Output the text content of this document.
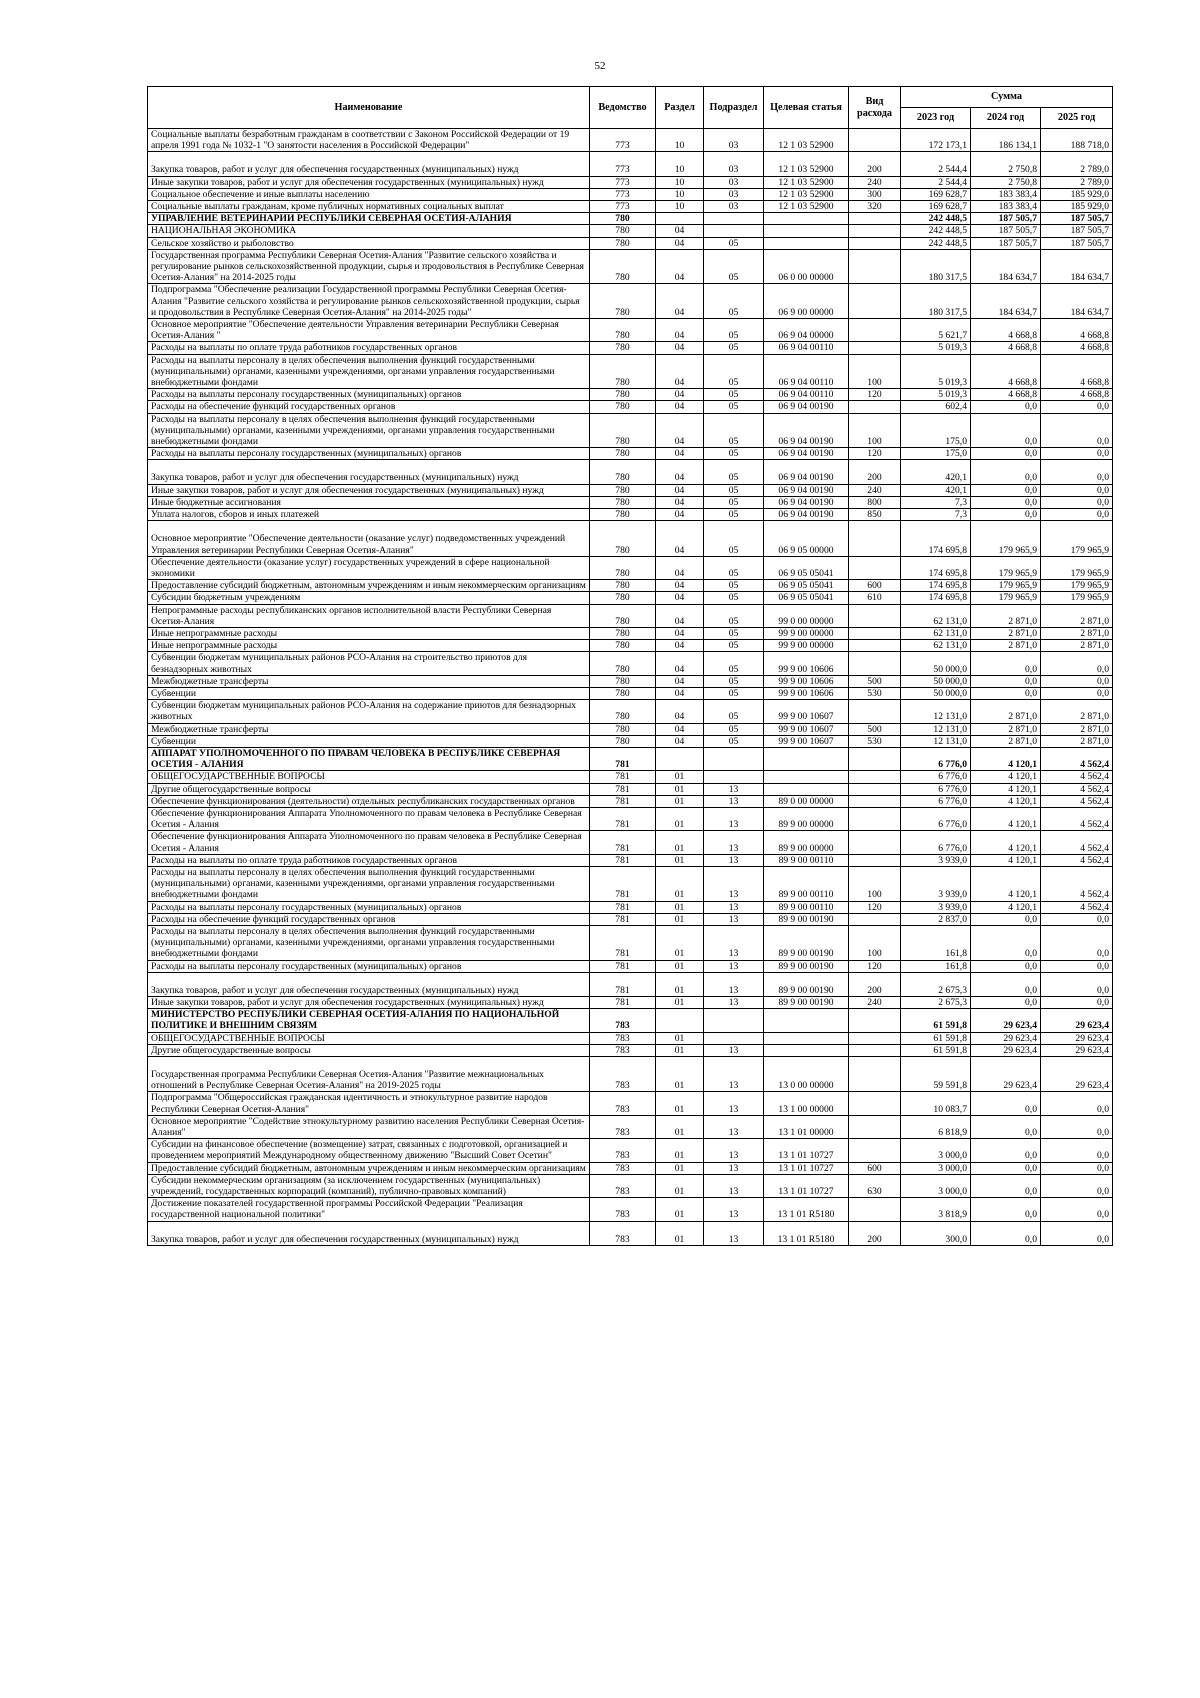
52
Наименование	Ведомство	Раздел	Подраздел	Целевая статья	Вид расхода	Сумма		
						2023 год	2024 год	2025 год
Социальные выплаты безработным гражданам в соответствии с Законом Российской Федерации от 19 апреля 1991 года № 1032-1 "О занятости населения в Российской Федерации"	773	10	03	12 1 03 52900		172 173,1	186 134,1	188 718,0
Закупка товаров, работ и услуг для обеспечения государственных (муниципальных) нужд	773	10	03	12 1 03 52900	200	2 544,4	2 750,8	2 789,0
Иные закупки товаров, работ и услуг для обеспечения государственных (муниципальных) нужд	773	10	03	12 1 03 52900	240	2 544,4	2 750,8	2 789,0
Социальное обеспечение и иные выплаты населению	773	10	03	12 1 03 52900	300	169 628,7	183 383,4	185 929,0
Социальные выплаты гражданам, кроме публичных нормативных социальных выплат	773	10	03	12 1 03 52900	320	169 628,7	183 383,4	185 929,0
УПРАВЛЕНИЕ ВЕТЕРИНАРИИ РЕСПУБЛИКИ СЕВЕРНАЯ ОСЕТИЯ-АЛАНИЯ	780					242 448,5	187 505,7	187 505,7
НАЦИОНАЛЬНАЯ ЭКОНОМИКА	780	04				242 448,5	187 505,7	187 505,7
Сельское хозяйство и рыболовство	780	04	05			242 448,5	187 505,7	187 505,7
Государственная программа Республики Северная Осетия-Алания "Развитие сельского хозяйства и регулирование рынков сельскохозяйственной продукции, сырья и продовольствия в Республике Северная Осетия-Алания" на 2014-2025 годы	780	04	05	06 0 00 00000		180 317,5	184 634,7	184 634,7
Подпрограмма "Обеспечение реализации Государственной программы Республики Северная Осетия-Алания "Развитие сельского хозяйства и регулирование рынков сельскохозяйственной продукции, сырья и продовольствия в Республике Северная Осетия-Алания" на 2014-2025 годы"	780	04	05	06 9 00 00000		180 317,5	184 634,7	184 634,7
Основное мероприятие "Обеспечение деятельности Управления ветеринарии Республики Северная Осетия-Алания "	780	04	05	06 9 04 00000		5 621,7	4 668,8	4 668,8
Расходы на выплаты по оплате труда работников государственных органов	780	04	05	06 9 04 00110		5 019,3	4 668,8	4 668,8
Расходы на выплаты персоналу в целях обеспечения выполнения функций государственными (муниципальными) органами, казенными учреждениями, органами управления государственными внебюджетными фондами	780	04	05	06 9 04 00110	100	5 019,3	4 668,8	4 668,8
Расходы на выплаты персоналу государственных (муниципальных) органов	780	04	05	06 9 04 00110	120	5 019,3	4 668,8	4 668,8
Расходы на обеспечение функций государственных органов	780	04	05	06 9 04 00190		602,4	0,0	0,0
Расходы на выплаты персоналу в целях обеспечения выполнения функций государственными (муниципальными) органами, казенными учреждениями, органами управления государственными внебюджетными фондами	780	04	05	06 9 04 00190	100	175,0	0,0	0,0
Расходы на выплаты персоналу государственных (муниципальных) органов	780	04	05	06 9 04 00190	120	175,0	0,0	0,0
Закупка товаров, работ и услуг для обеспечения государственных (муниципальных) нужд	780	04	05	06 9 04 00190	200	420,1	0,0	0,0
Иные закупки товаров, работ и услуг для обеспечения государственных (муниципальных) нужд	780	04	05	06 9 04 00190	240	420,1	0,0	0,0
Иные бюджетные ассигнования	780	04	05	06 9 04 00190	800	7,3	0,0	0,0
Уплата налогов, сборов и иных платежей	780	04	05	06 9 04 00190	850	7,3	0,0	0,0
Основное мероприятие "Обеспечение деятельности (оказание услуг) подведомственных учреждений Управления ветеринарии Республики Северная Осетия-Алания"	780	04	05	06 9 05 00000		174 695,8	179 965,9	179 965,9
Обеспечение деятельности (оказание услуг) государственных учреждений в сфере национальной экономики	780	04	05	06 9 05 05041		174 695,8	179 965,9	179 965,9
Предоставление субсидий бюджетным, автономным учреждениям и иным некоммерческим организациям	780	04	05	06 9 05 05041	600	174 695,8	179 965,9	179 965,9
Субсидии бюджетным учреждениям	780	04	05	06 9 05 05041	610	174 695,8	179 965,9	179 965,9
Непрограммные расходы республиканских органов исполнительной власти Республики Северная Осетия-Алания	780	04	05	99 0 00 00000		62 131,0	2 871,0	2 871,0
Иные непрограммные расходы	780	04	05	99 9 00 00000		62 131,0	2 871,0	2 871,0
Иные непрограммные расходы	780	04	05	99 9 00 00000		62 131,0	2 871,0	2 871,0
Субвенции бюджетам муниципальных районов РСО-Алания на строительство приютов для безнадзорных животных	780	04	05	99 9 00 10606		50 000,0	0,0	0,0
Межбюджетные трансферты	780	04	05	99 9 00 10606	500	50 000,0	0,0	0,0
Субвенции	780	04	05	99 9 00 10606	530	50 000,0	0,0	0,0
Субвенции бюджетам муниципальных районов РСО-Алания на содержание приютов для безнадзорных животных	780	04	05	99 9 00 10607		12 131,0	2 871,0	2 871,0
Межбюджетные трансферты	780	04	05	99 9 00 10607	500	12 131,0	2 871,0	2 871,0
Субвенции	780	04	05	99 9 00 10607	530	12 131,0	2 871,0	2 871,0
АППАРАТ УПОЛНОМОЧЕННОГО ПО ПРАВАМ ЧЕЛОВЕКА В РЕСПУБЛИКЕ СЕВЕРНАЯ ОСЕТИЯ - АЛАНИЯ	781					6 776,0	4 120,1	4 562,4
ОБЩЕГОСУДАРСТВЕННЫЕ ВОПРОСЫ	781	01				6 776,0	4 120,1	4 562,4
Другие общегосударственные вопросы	781	01	13			6 776,0	4 120,1	4 562,4
Обеспечение функционирования (деятельности) отдельных республиканских государственных органов	781	01	13	89 0 00 00000		6 776,0	4 120,1	4 562,4
Обеспечение функционирования Аппарата Уполномоченного по правам человека в Республике Северная Осетия - Алания	781	01	13	89 9 00 00000		6 776,0	4 120,1	4 562,4
Обеспечение функционирования Аппарата Уполномоченного по правам человека в Республике Северная Осетия - Алания	781	01	13	89 9 00 00000		6 776,0	4 120,1	4 562,4
Расходы на выплаты по оплате труда работников государственных органов	781	01	13	89 9 00 00110		3 939,0	4 120,1	4 562,4
Расходы на выплаты персоналу в целях обеспечения выполнения функций государственными (муниципальными) органами, казенными учреждениями, органами управления государственными внебюджетными фондами	781	01	13	89 9 00 00110	100	3 939,0	4 120,1	4 562,4
Расходы на выплаты персоналу государственных (муниципальных) органов	781	01	13	89 9 00 00110	120	3 939,0	4 120,1	4 562,4
Расходы на обеспечение функций государственных органов	781	01	13	89 9 00 00190		2 837,0	0,0	0,0
Расходы на выплаты персоналу в целях обеспечения выполнения функций государственными (муниципальными) органами, казенными учреждениями, органами управления государственными внебюджетными фондами	781	01	13	89 9 00 00190	100	161,8	0,0	0,0
Расходы на выплаты персоналу государственных (муниципальных) органов	781	01	13	89 9 00 00190	120	161,8	0,0	0,0
Закупка товаров, работ и услуг для обеспечения государственных (муниципальных) нужд	781	01	13	89 9 00 00190	200	2 675,3	0,0	0,0
Иные закупки товаров, работ и услуг для обеспечения государственных (муниципальных) нужд	781	01	13	89 9 00 00190	240	2 675,3	0,0	0,0
МИНИСТЕРСТВО РЕСПУБЛИКИ СЕВЕРНАЯ ОСЕТИЯ-АЛАНИЯ ПО НАЦИОНАЛЬНОЙ ПОЛИТИКЕ И ВНЕШНИМ СВЯЗЯМ	783					61 591,8	29 623,4	29 623,4
ОБЩЕГОСУДАРСТВЕННЫЕ ВОПРОСЫ	783	01				61 591,8	29 623,4	29 623,4
Другие общегосударственные вопросы	783	01	13			61 591,8	29 623,4	29 623,4
Государственная программа Республики Северная Осетия-Алания "Развитие межнациональных отношений в Республике Северная Осетия-Алания" на 2019-2025 годы	783	01	13	13 0 00 00000		59 591,8	29 623,4	29 623,4
Подпрограмма "Общероссийская гражданская идентичность и этнокультурное развитие народов Республики Северная Осетия-Алания"	783	01	13	13 1 00 00000		10 083,7	0,0	0,0
Основное мероприятие "Содействие этнокультурному развитию населения Республики Северная Осетия-Алания"	783	01	13	13 1 01 00000		6 818,9	0,0	0,0
Субсидии на финансовое обеспечение (возмещение) затрат, связанных с подготовкой, организацией и проведением мероприятий Международному общественному движению "Высший Совет Осетин"	783	01	13	13 1 01 10727		3 000,0	0,0	0,0
Предоставление субсидий бюджетным, автономным учреждениям и иным некоммерческим организациям	783	01	13	13 1 01 10727	600	3 000,0	0,0	0,0
Субсидии некоммерческим организациям (за исключением государственных (муниципальных) учреждений, государственных корпораций (компаний), публично-правовых компаний)	783	01	13	13 1 01 10727	630	3 000,0	0,0	0,0
Достижение показателей государственной программы Российской Федерации "Реализация государственной национальной политики"	783	01	13	13 1 01 R5180		3 818,9	0,0	0,0
Закупка товаров, работ и услуг для обеспечения государственных (муниципальных) нужд	783	01	13	13 1 01 R5180	200	300,0	0,0	0,0
